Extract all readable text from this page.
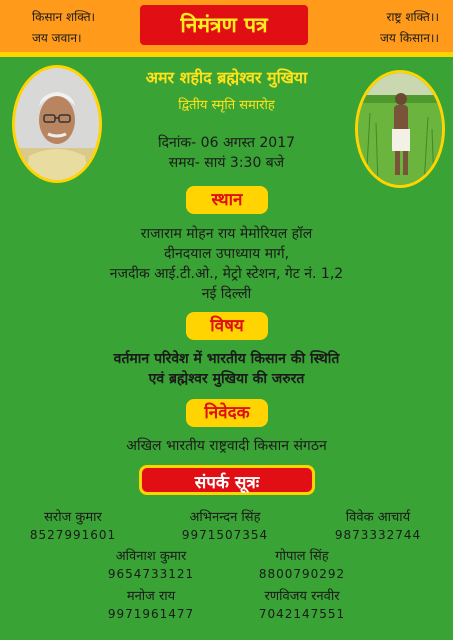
किसान शक्ति।
जय जवान।
निमंत्रण पत्र	राष्ट्र शक्ति।।
जय किसान।।
अमर शहीद ब्रह्मेश्वर मुखिया
द्वितीय स्मृति समारोह
दिनांक- 06 अगस्त 2017
समय- सायं 3:30 बजे
स्थान
राजाराम मोहन राय मेमोरियल हॉल
दीनदयाल उपाध्याय मार्ग,
नजदीक आई.टी.ओ., मेट्रो स्टेशन, गेट नं. 1,2
नई दिल्ली
विषय
वर्तमान परिवेश में भारतीय किसान की स्थिति
एवं ब्रह्मेश्वर मुखिया की जरुरत
निवेदक
अखिल भारतीय राष्ट्रवादी किसान संगठन
संपर्क सूत्रः
सरोज कुमार
8527991601
अभिनन्दन सिंह
9971507354
विवेक आचार्य
9873332744
अविनाश कुमार
9654733121
गोपाल सिंह
8800790292
मनोज राय
9971961477
रणविजय रनवीर
7042147551
